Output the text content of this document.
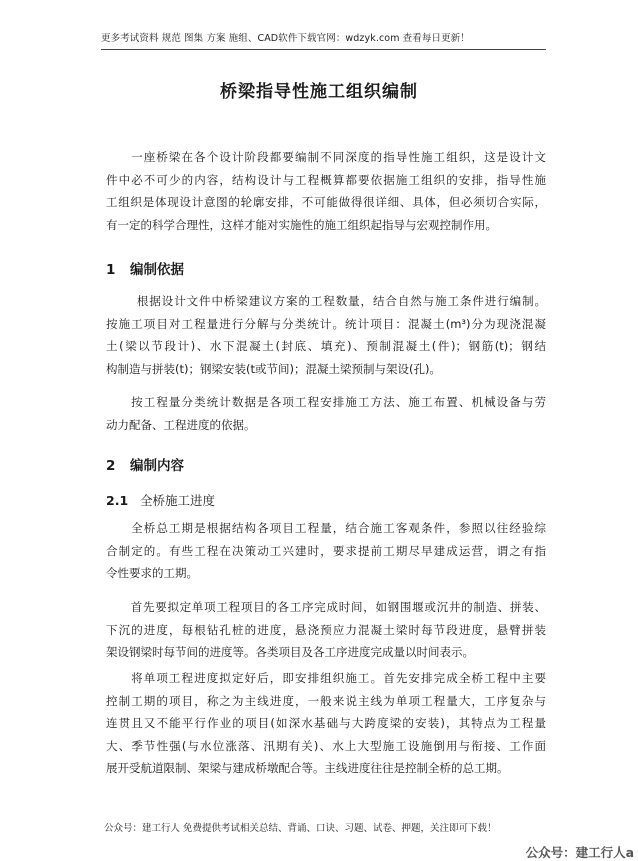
更多考试资料 规范 图集 方案 施组、CAD软件下载官网：wdzyk.com 查看每日更新！
桥梁指导性施工组织编制
一座桥梁在各个设计阶段都要编制不同深度的指导性施工组织，这是设计文
件中必不可少的内容，结构设计与工程概算都要依据施工组织的安排，指导性施
工组织是体现设计意图的轮廓安排，不可能做得很详细、具体，但必须切合实际，
有一定的科学合理性，这样才能对实施性的施工组织起指导与宏观控制作用。
1 编制依据
根据设计文件中桥梁建议方案的工程数量，结合自然与施工条件进行编制。
按施工项目对工程量进行分解与分类统计。统计项目：混凝土(m³)分为现浇混凝
土(梁以节段计)、水下混凝土(封底、填充)、预制混凝土(件)；钢筋(t)；钢结
构制造与拼装(t)；钢梁安装(t或节间)；混凝土梁预制与架设(孔)。
按工程量分类统计数据是各项工程安排施工方法、施工布置、机械设备与劳
动力配备、工程进度的依据。
2 编制内容
2.1 全桥施工进度
全桥总工期是根据结构各项目工程量，结合施工客观条件，参照以往经验综
合制定的。有些工程在决策动工兴建时，要求提前工期尽早建成运营，谓之有指
令性要求的工期。
首先要拟定单项工程项目的各工序完成时间，如钢围堰或沉井的制造、拼装、
下沉的进度，每根钻孔桩的进度，悬浇预应力混凝土梁时每节段进度，悬臂拼装
架设钢梁时每节间的进度等。各类项目及各工序进度完成量以时间表示。
将单项工程进度拟定好后，即安排组织施工。首先安排完成全桥工程中主要
控制工期的项目，称之为主线进度，一般来说主线为单项工程量大，工序复杂与
连贯且又不能平行作业的项目(如深水基础与大跨度梁的安装)，其特点为工程量
大、季节性强(与水位涨落、汛期有关)、水上大型施工设施倒用与衔接、工作面
展开受航道限制、架梁与建成桥墩配合等。主线进度往往是控制全桥的总工期。
公众号：建工行人 免费提供考试相关总结、背诵、口诀、习题、试卷、押题，关注即可下载！
公众号：建工行人a
